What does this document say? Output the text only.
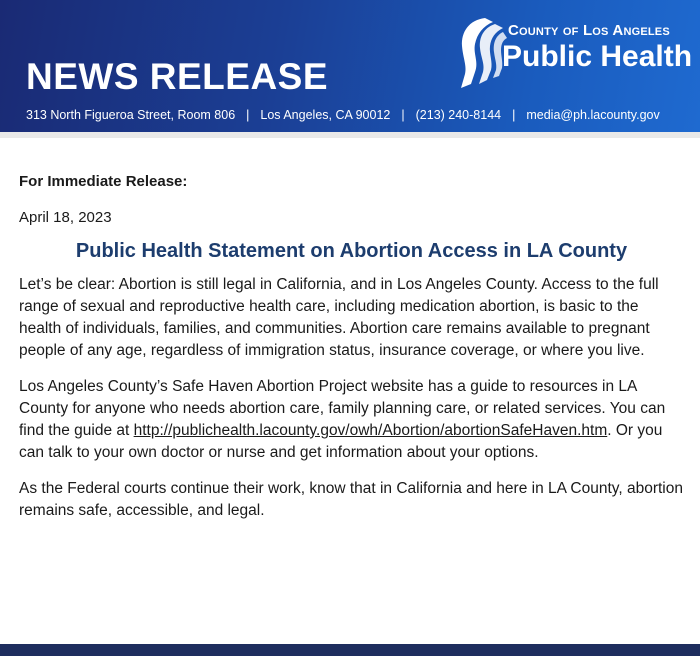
County of Los Angeles
Public Health
NEWS RELEASE
313 North Figueroa Street, Room 806 | Los Angeles, CA 90012 | (213) 240-8144 | media@ph.lacounty.gov

For Immediate Release:

April 18, 2023

Public Health Statement on Abortion Access in LA County

Let’s be clear: Abortion is still legal in California, and in Los Angeles County. Access to the full range of sexual and reproductive health care, including medication abortion, is basic to the health of individuals, families, and communities. Abortion care remains available to pregnant people of any age, regardless of immigration status, insurance coverage, or where you live.

Los Angeles County’s Safe Haven Abortion Project website has a guide to resources in LA County for anyone who needs abortion care, family planning care, or related services. You can find the guide at http://publichealth.lacounty.gov/owh/Abortion/abortionSafeHaven.htm. Or you can talk to your own doctor or nurse and get information about your options.

As the Federal courts continue their work, know that in California and here in LA County, abortion remains safe, accessible, and legal.
